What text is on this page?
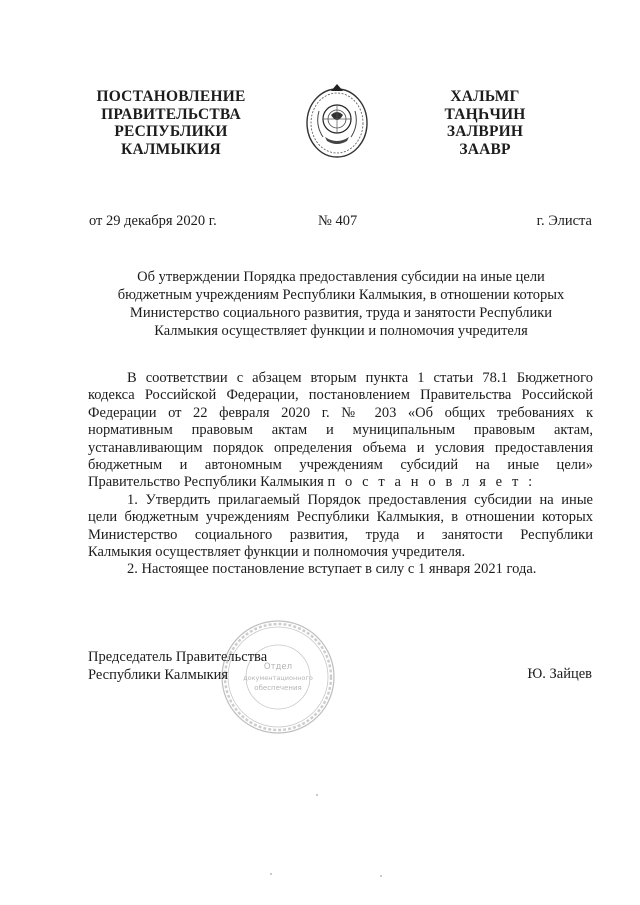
ПОСТАНОВЛЕНИЕ
ПРАВИТЕЛЬСТВА
РЕСПУБЛИКИ
КАЛМЫКИЯ
ХАЛЬМГ
ТАҢҺЧИН
ЗАЛВРИН
ЗААВР
от 29 декабря 2020 г.	№ 407	г. Элиста
Об утверждении Порядка предоставления субсидии на иные цели
бюджетным учреждениям Республики Калмыкия, в отношении которых
Министерство социального развития, труда и занятости Республики
Калмыкия осуществляет функции и полномочия учредителя
В соответствии с абзацем вторым пункта 1 статьи 78.1 Бюджетного
кодекса Российской Федерации, постановлением Правительства Российской
Федерации от 22 февраля 2020 г. № 203 «Об общих требованиях к
нормативным правовым актам и муниципальным правовым актам,
устанавливающим порядок определения объема и условия предоставления
бюджетным и автономным учреждениям субсидий на иные цели»
Правительство Республики Калмыкия п о с т а н о в л я е т :
1. Утвердить прилагаемый Порядок предоставления субсидии на иные
цели бюджетным учреждениям Республики Калмыкия, в отношении которых
Министерство социального развития, труда и занятости Республики
Калмыкия осуществляет функции и полномочия учредителя.
2. Настоящее постановление вступает в силу с 1 января 2021 года.
Отдел
документационного
обеспечения
Председатель Правительства
Республики Калмыкия	Ю. Зайцев
